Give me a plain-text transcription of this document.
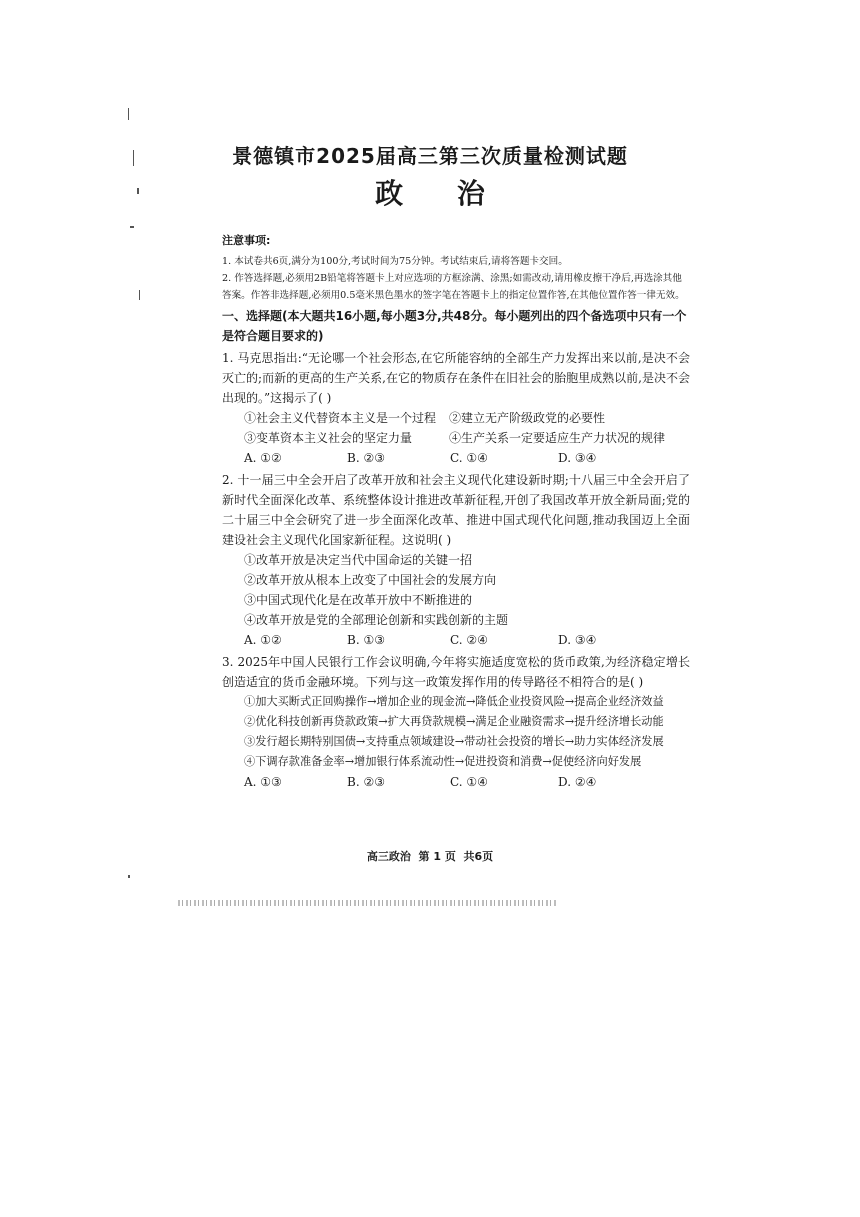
景德镇市2025届高三第三次质量检测试题
政 治
注意事项:
1. 本试卷共6页,满分为100分,考试时间为75分钟。考试结束后,请将答题卡交回。
2. 作答选择题,必须用2B铅笔将答题卡上对应选项的方框涂满、涂黑;如需改动,请用橡皮擦干净后,再选涂其他答案。作答非选择题,必须用0.5毫米黑色墨水的签字笔在答题卡上的指定位置作答,在其他位置作答一律无效。
一、选择题(本大题共16小题,每小题3分,共48分。每小题列出的四个备选项中只有一个是符合题目要求的)
1. 马克思指出:“无论哪一个社会形态,在它所能容纳的全部生产力发挥出来以前,是决不会灭亡的;而新的更高的生产关系,在它的物质存在条件在旧社会的胎胞里成熟以前,是决不会出现的。”这揭示了( )
①社会主义代替资本主义是一个过程	②建立无产阶级政党的必要性
③变革资本主义社会的坚定力量	④生产关系一定要适应生产力状况的规律
A. ①②	B. ②③	C. ①④	D. ③④
2. 十一届三中全会开启了改革开放和社会主义现代化建设新时期;十八届三中全会开启了新时代全面深化改革、系统整体设计推进改革新征程,开创了我国改革开放全新局面;党的二十届三中全会研究了进一步全面深化改革、推进中国式现代化问题,推动我国迈上全面建设社会主义现代化国家新征程。这说明( )
①改革开放是决定当代中国命运的关键一招
②改革开放从根本上改变了中国社会的发展方向
③中国式现代化是在改革开放中不断推进的
④改革开放是党的全部理论创新和实践创新的主题
A. ①②	B. ①③	C. ②④	D. ③④
3. 2025年中国人民银行工作会议明确,今年将实施适度宽松的货币政策,为经济稳定增长创造适宜的货币金融环境。下列与这一政策发挥作用的传导路径不相符合的是( )
①加大买断式正回购操作→增加企业的现金流→降低企业投资风险→提高企业经济效益
②优化科技创新再贷款政策→扩大再贷款规模→满足企业融资需求→提升经济增长动能
③发行超长期特别国债→支持重点领域建设→带动社会投资的增长→助力实体经济发展
④下调存款准备金率→增加银行体系流动性→促进投资和消费→促使经济向好发展
A. ①③	B. ②③	C. ①④	D. ②④
高三政治  第 1 页  共6页
